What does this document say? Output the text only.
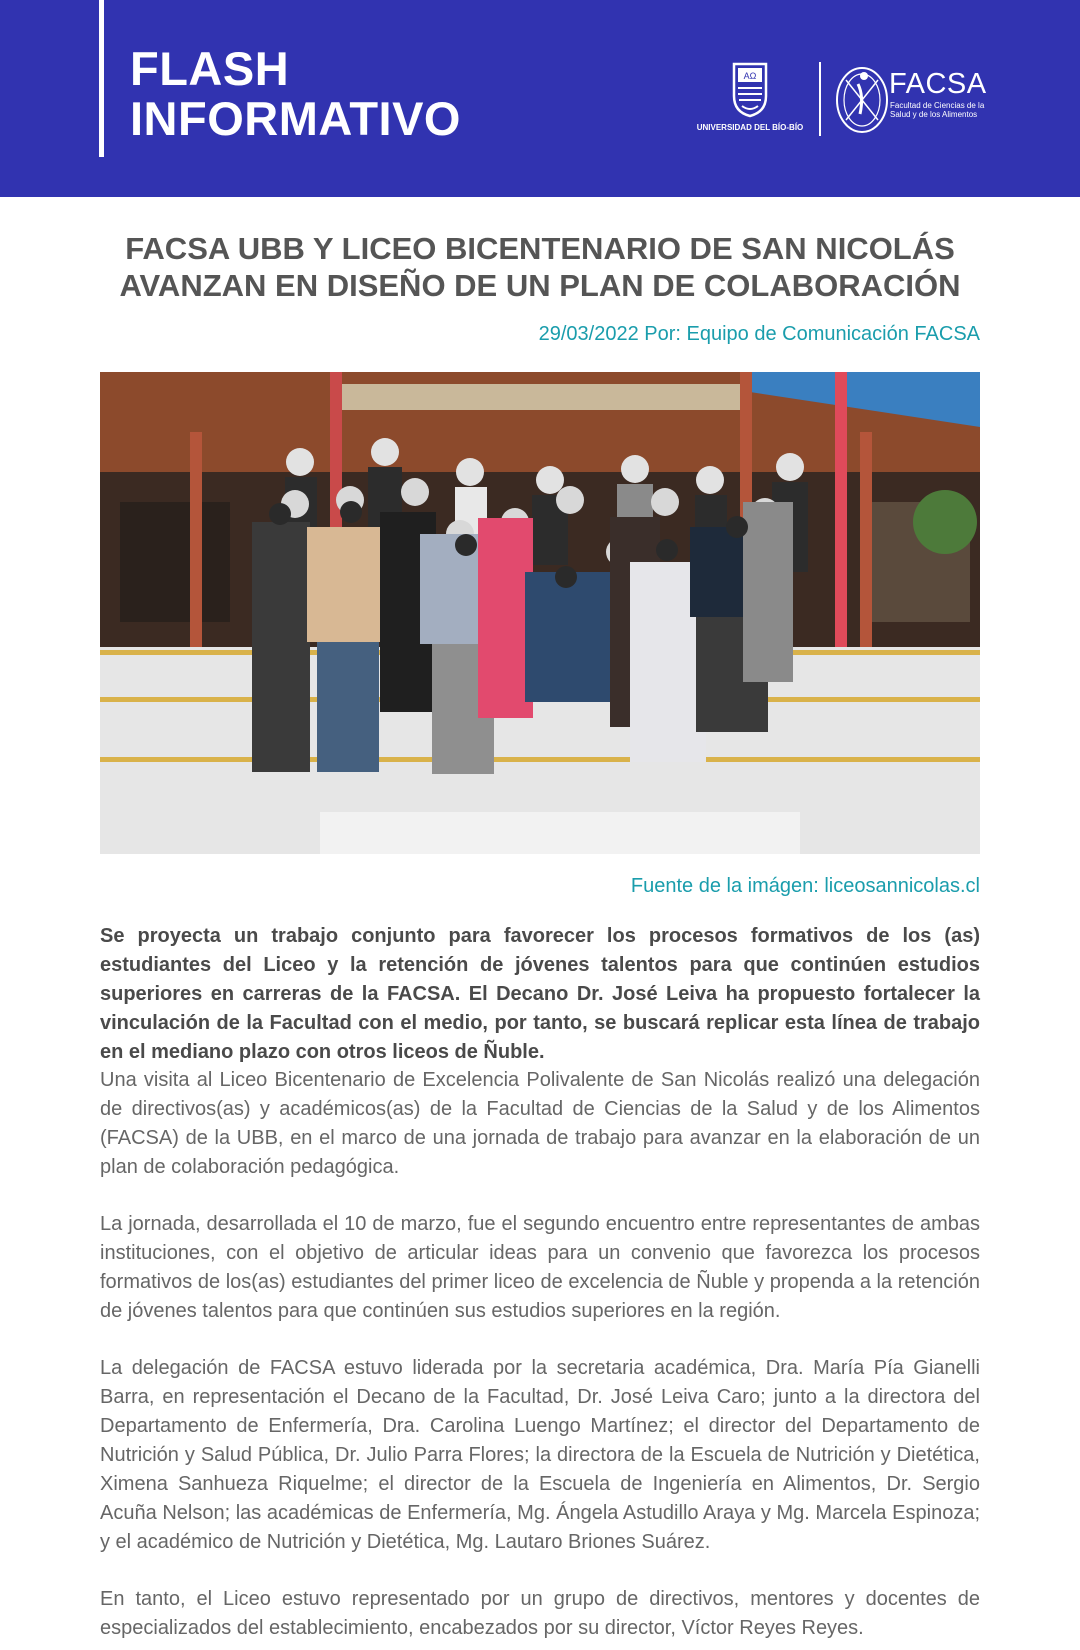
FLASH
INFORMATIVO
ΑΩ
UNIVERSIDAD DEL BÍO-BÍO
FACSA
Facultad de Ciencias de la
Salud y de los Alimentos
FACSA UBB Y LICEO BICENTENARIO DE SAN NICOLÁS
AVANZAN EN DISEÑO DE UN PLAN DE COLABORACIÓN
29/03/2022 Por: Equipo de Comunicación FACSA
Fuente de la imágen: liceosannicolas.cl
Se proyecta un trabajo conjunto para favorecer los procesos formativos de los (as) estudiantes del Liceo y la retención de jóvenes talentos para que continúen estudios superiores en carreras de la FACSA. El Decano Dr. José Leiva ha propuesto fortalecer la vinculación de la Facultad con el medio, por tanto, se buscará replicar esta línea de trabajo en el mediano plazo con otros liceos de Ñuble.
Una visita al Liceo Bicentenario de Excelencia Polivalente de San Nicolás realizó una delegación de directivos(as) y académicos(as) de la Facultad de Ciencias de la Salud y de los Alimentos (FACSA) de la UBB, en el marco de una jornada de trabajo para avanzar en la elaboración de un plan de colaboración pedagógica.
La jornada, desarrollada el 10 de marzo, fue el segundo encuentro entre representantes de ambas instituciones, con el objetivo de articular ideas para un convenio que favorezca los procesos formativos de los(as) estudiantes del primer liceo de excelencia de Ñuble y propenda a la retención de jóvenes talentos para que continúen sus estudios superiores en la región.
La delegación de FACSA estuvo liderada por la secretaria académica, Dra. María Pía Gianelli Barra, en representación el Decano de la Facultad, Dr. José Leiva Caro; junto a la directora del Departamento de Enfermería, Dra. Carolina Luengo Martínez; el director del Departamento de Nutrición y Salud Pública, Dr. Julio Parra Flores; la directora de la Escuela de Nutrición y Dietética, Ximena Sanhueza Riquelme; el director de la Escuela de Ingeniería en Alimentos, Dr. Sergio Acuña Nelson; las académicas de Enfermería, Mg. Ángela Astudillo Araya y Mg. Marcela Espinoza; y el académico de Nutrición y Dietética, Mg. Lautaro Briones Suárez.
En tanto, el Liceo estuvo representado por un grupo de directivos, mentores y docentes de especializados del establecimiento, encabezados por su director, Víctor Reyes Reyes.
